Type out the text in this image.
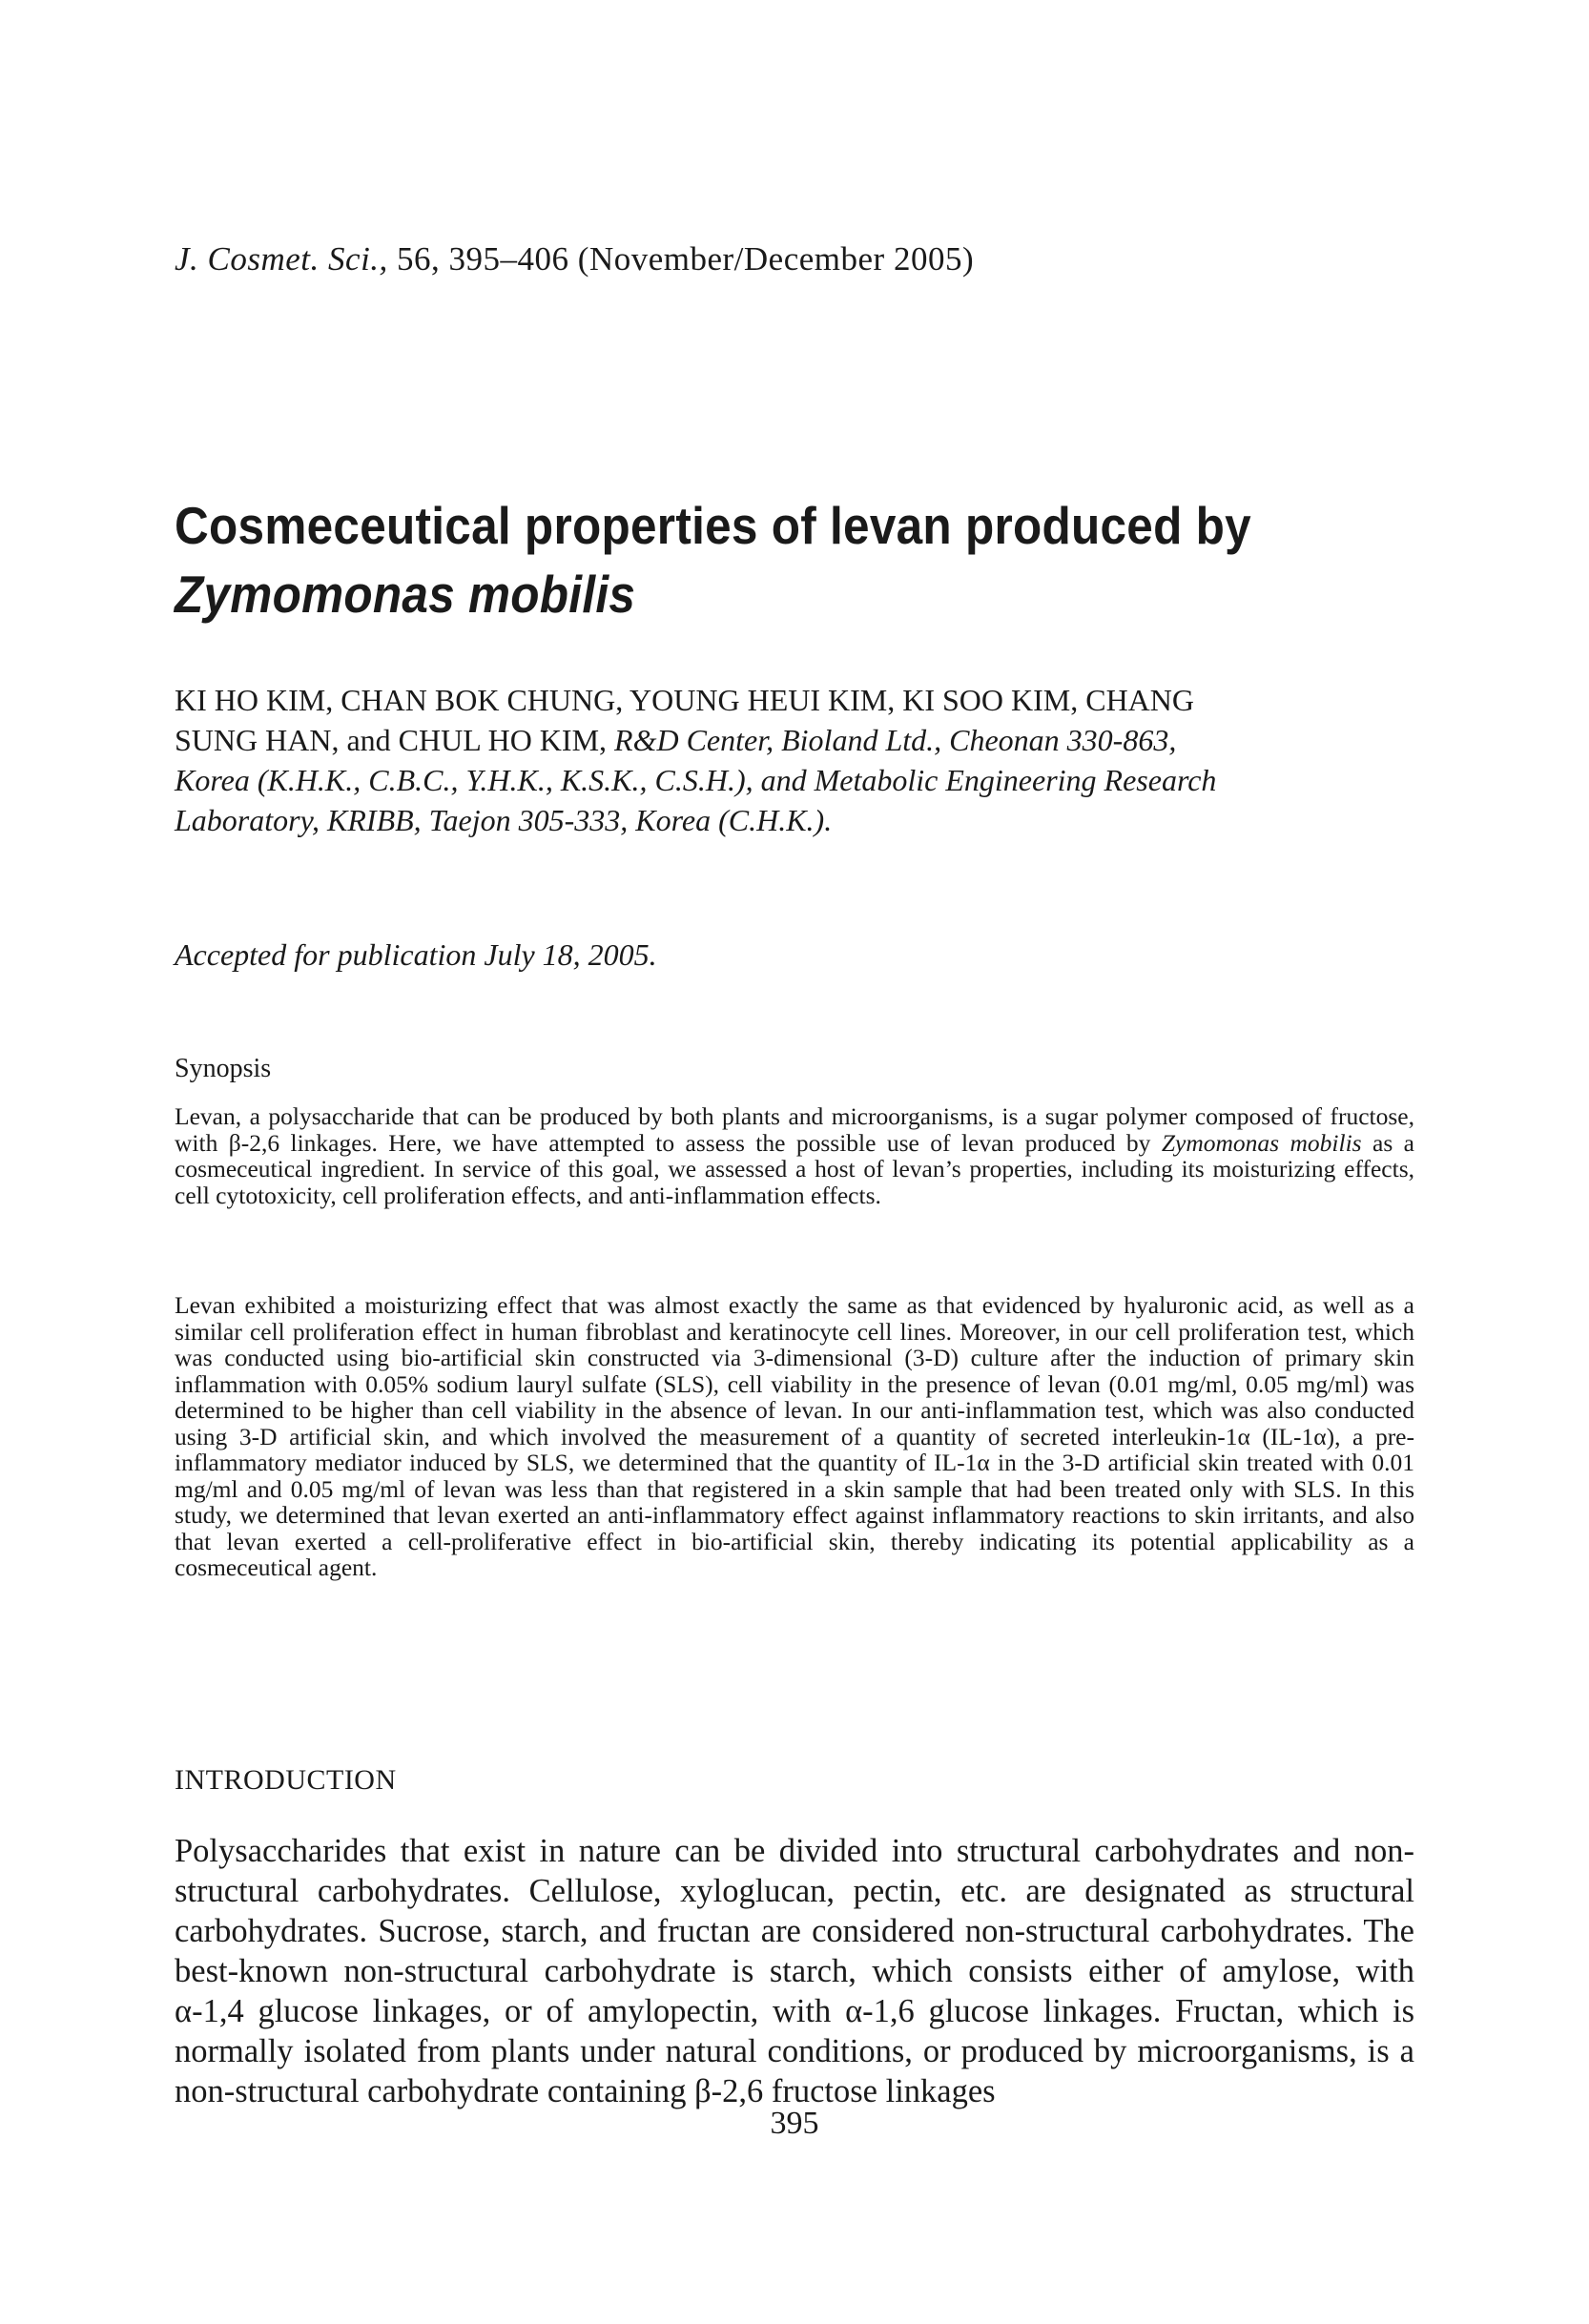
J. Cosmet. Sci., 56, 395–406 (November/December 2005)
Cosmeceutical properties of levan produced by
Zymomonas mobilis
KI HO KIM, CHAN BOK CHUNG, YOUNG HEUI KIM, KI SOO KIM, CHANG SUNG HAN, and CHUL HO KIM, R&D Center, Bioland Ltd., Cheonan 330-863, Korea (K.H.K., C.B.C., Y.H.K., K.S.K., C.S.H.), and Metabolic Engineering Research Laboratory, KRIBB, Taejon 305-333, Korea (C.H.K.).
Accepted for publication July 18, 2005.
Synopsis
Levan, a polysaccharide that can be produced by both plants and microorganisms, is a sugar polymer composed of fructose, with β-2,6 linkages. Here, we have attempted to assess the possible use of levan produced by Zymomonas mobilis as a cosmeceutical ingredient. In service of this goal, we assessed a host of levan’s properties, including its moisturizing effects, cell cytotoxicity, cell proliferation effects, and anti-inflammation effects.
Levan exhibited a moisturizing effect that was almost exactly the same as that evidenced by hyaluronic acid, as well as a similar cell proliferation effect in human fibroblast and keratinocyte cell lines. Moreover, in our cell proliferation test, which was conducted using bio-artificial skin constructed via 3-dimensional (3-D) culture after the induction of primary skin inflammation with 0.05% sodium lauryl sulfate (SLS), cell viability in the presence of levan (0.01 mg/ml, 0.05 mg/ml) was determined to be higher than cell viability in the absence of levan. In our anti-inflammation test, which was also conducted using 3-D artificial skin, and which involved the measurement of a quantity of secreted interleukin-1α (IL-1α), a pre-inflammatory mediator induced by SLS, we determined that the quantity of IL-1α in the 3-D artificial skin treated with 0.01 mg/ml and 0.05 mg/ml of levan was less than that registered in a skin sample that had been treated only with SLS. In this study, we determined that levan exerted an anti-inflammatory effect against inflammatory reactions to skin irritants, and also that levan exerted a cell-proliferative effect in bio-artificial skin, thereby indicating its potential applicability as a cosmeceutical agent.
INTRODUCTION
Polysaccharides that exist in nature can be divided into structural carbohydrates and non-structural carbohydrates. Cellulose, xyloglucan, pectin, etc. are designated as structural carbohydrates. Sucrose, starch, and fructan are considered non-structural carbohydrates. The best-known non-structural carbohydrate is starch, which consists either of amylose, with α-1,4 glucose linkages, or of amylopectin, with α-1,6 glucose linkages. Fructan, which is normally isolated from plants under natural conditions, or produced by microorganisms, is a non-structural carbohydrate containing β-2,6 fructose linkages
395
